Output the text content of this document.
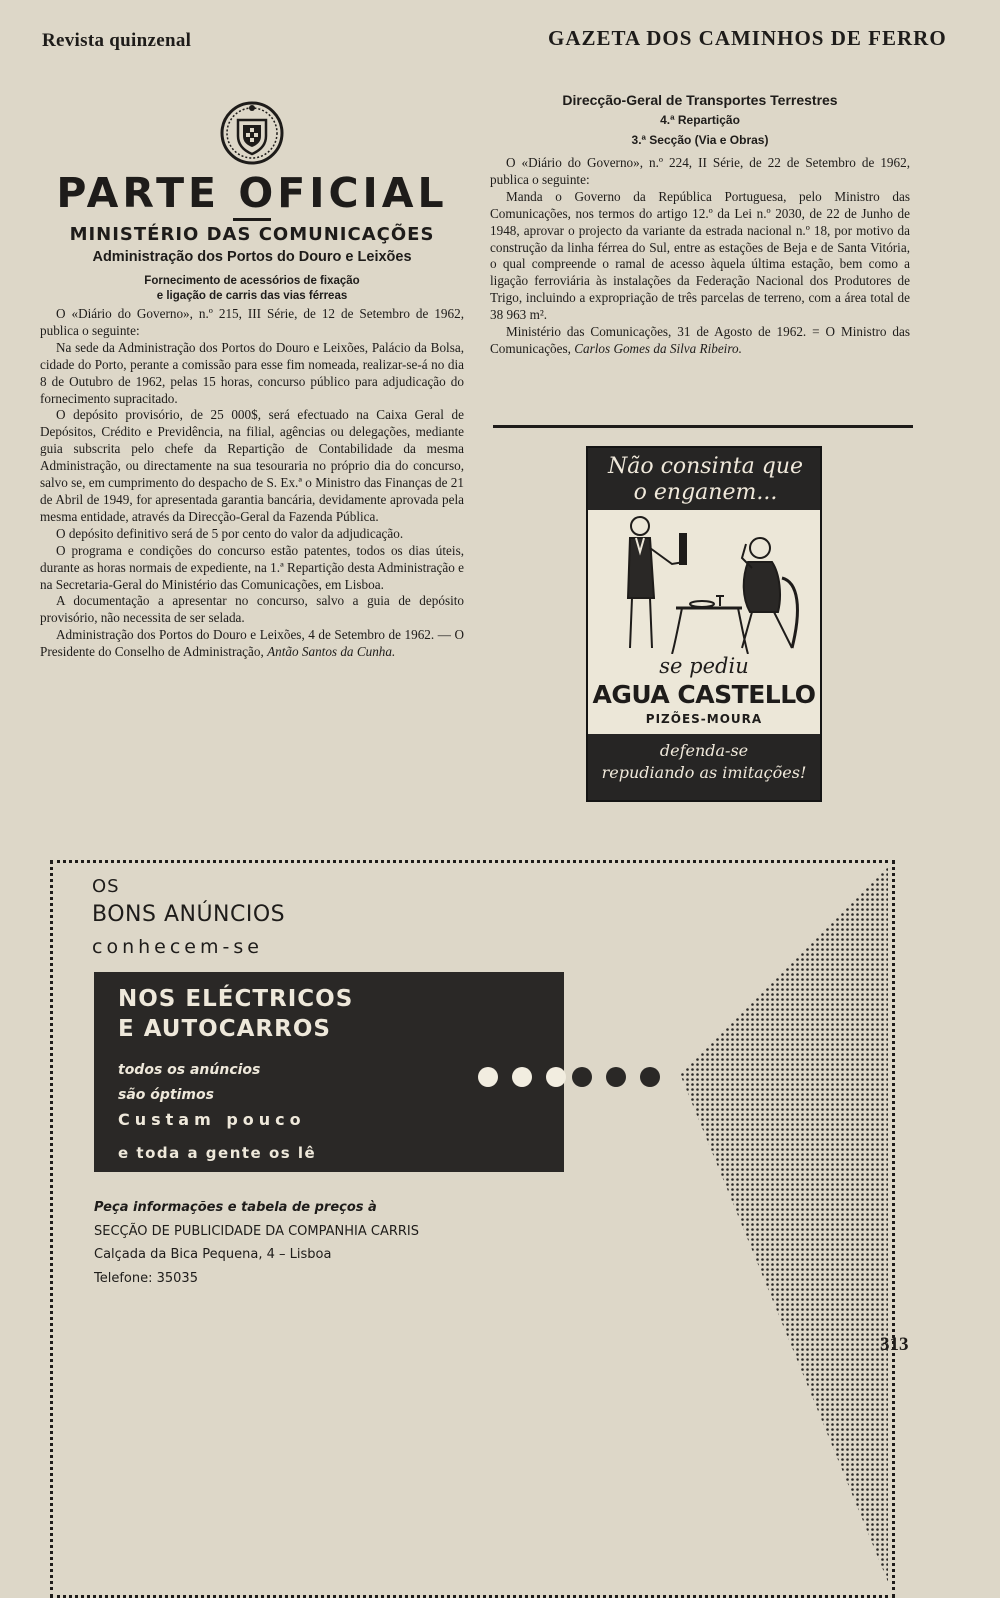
Revista quinzenal	GAZETA DOS CAMINHOS DE FERRO
PARTE OFICIAL
MINISTÉRIO DAS COMUNICAÇÕES
Administração dos Portos do Douro e Leixões
Fornecimento de acessórios de fixação
e ligação de carris das vias férreas

O «Diário do Governo», n.º 215, III Série, de 12 de Setembro de 1962, publica o seguinte:

Na sede da Administração dos Portos do Douro e Leixões, Palácio da Bolsa, cidade do Porto, perante a comissão para esse fim nomeada, realizar-se-á no dia 8 de Outubro de 1962, pelas 15 horas, concurso público para adjudicação do fornecimento supracitado.

O depósito provisório, de 25 000$, será efectuado na Caixa Geral de Depósitos, Crédito e Previdência, na filial, agências ou delegações, mediante guia subscrita pelo chefe da Repartição de Contabilidade da mesma Administração, ou directamente na sua tesouraria no próprio dia do concurso, salvo se, em cumprimento do despacho de S. Ex.ª o Ministro das Finanças de 21 de Abril de 1949, for apresentada garantia bancária, devidamente aprovada pela mesma entidade, através da Direcção-Geral da Fazenda Pública.

O depósito definitivo será de 5 por cento do valor da adjudicação.

O programa e condições do concurso estão patentes, todos os dias úteis, durante as horas normais de expediente, na 1.ª Repartição desta Administração e na Secretaria-Geral do Ministério das Comunicações, em Lisboa.

A documentação a apresentar no concurso, salvo a guia de depósito provisório, não necessita de ser selada.

Administração dos Portos do Douro e Leixões, 4 de Setembro de 1962. — O Presidente do Conselho de Administração, Antão Santos da Cunha.

Direcção-Geral de Transportes Terrestres
4.ª Repartição
3.ª Secção (Via e Obras)

O «Diário do Governo», n.º 224, II Série, de 22 de Setembro de 1962, publica o seguinte:

Manda o Governo da República Portuguesa, pelo Ministro das Comunicações, nos termos do artigo 12.º da Lei n.º 2030, de 22 de Junho de 1948, aprovar o projecto da variante da estrada nacional n.º 18, por motivo da construção da linha férrea do Sul, entre as estações de Beja e de Santa Vitória, o qual compreende o ramal de acesso àquela última estação, bem como a ligação ferroviária às instalações da Federação Nacional dos Produtores de Trigo, incluindo a expropriação de três parcelas de terreno, com a área total de 38 963 m².

Ministério das Comunicações, 31 de Agosto de 1962. = O Ministro das Comunicações, Carlos Gomes da Silva Ribeiro.

Não consinta que
o enganem...
se pediu
AGUA CASTELLO
PIZÕES-MOURA
defenda-se
repudiando as imitações!
OS
BONS ANÚNCIOS
conhecem-se
NOS ELÉCTRICOS
E AUTOCARROS
todos os anúncios
são óptimos
Custam pouco
e toda a gente os lê
Peça informações e tabela de preços à
SECÇÃO DE PUBLICIDADE DA COMPANHIA CARRIS
Calçada da Bica Pequena, 4 – Lisboa
Telefone: 35035
313
